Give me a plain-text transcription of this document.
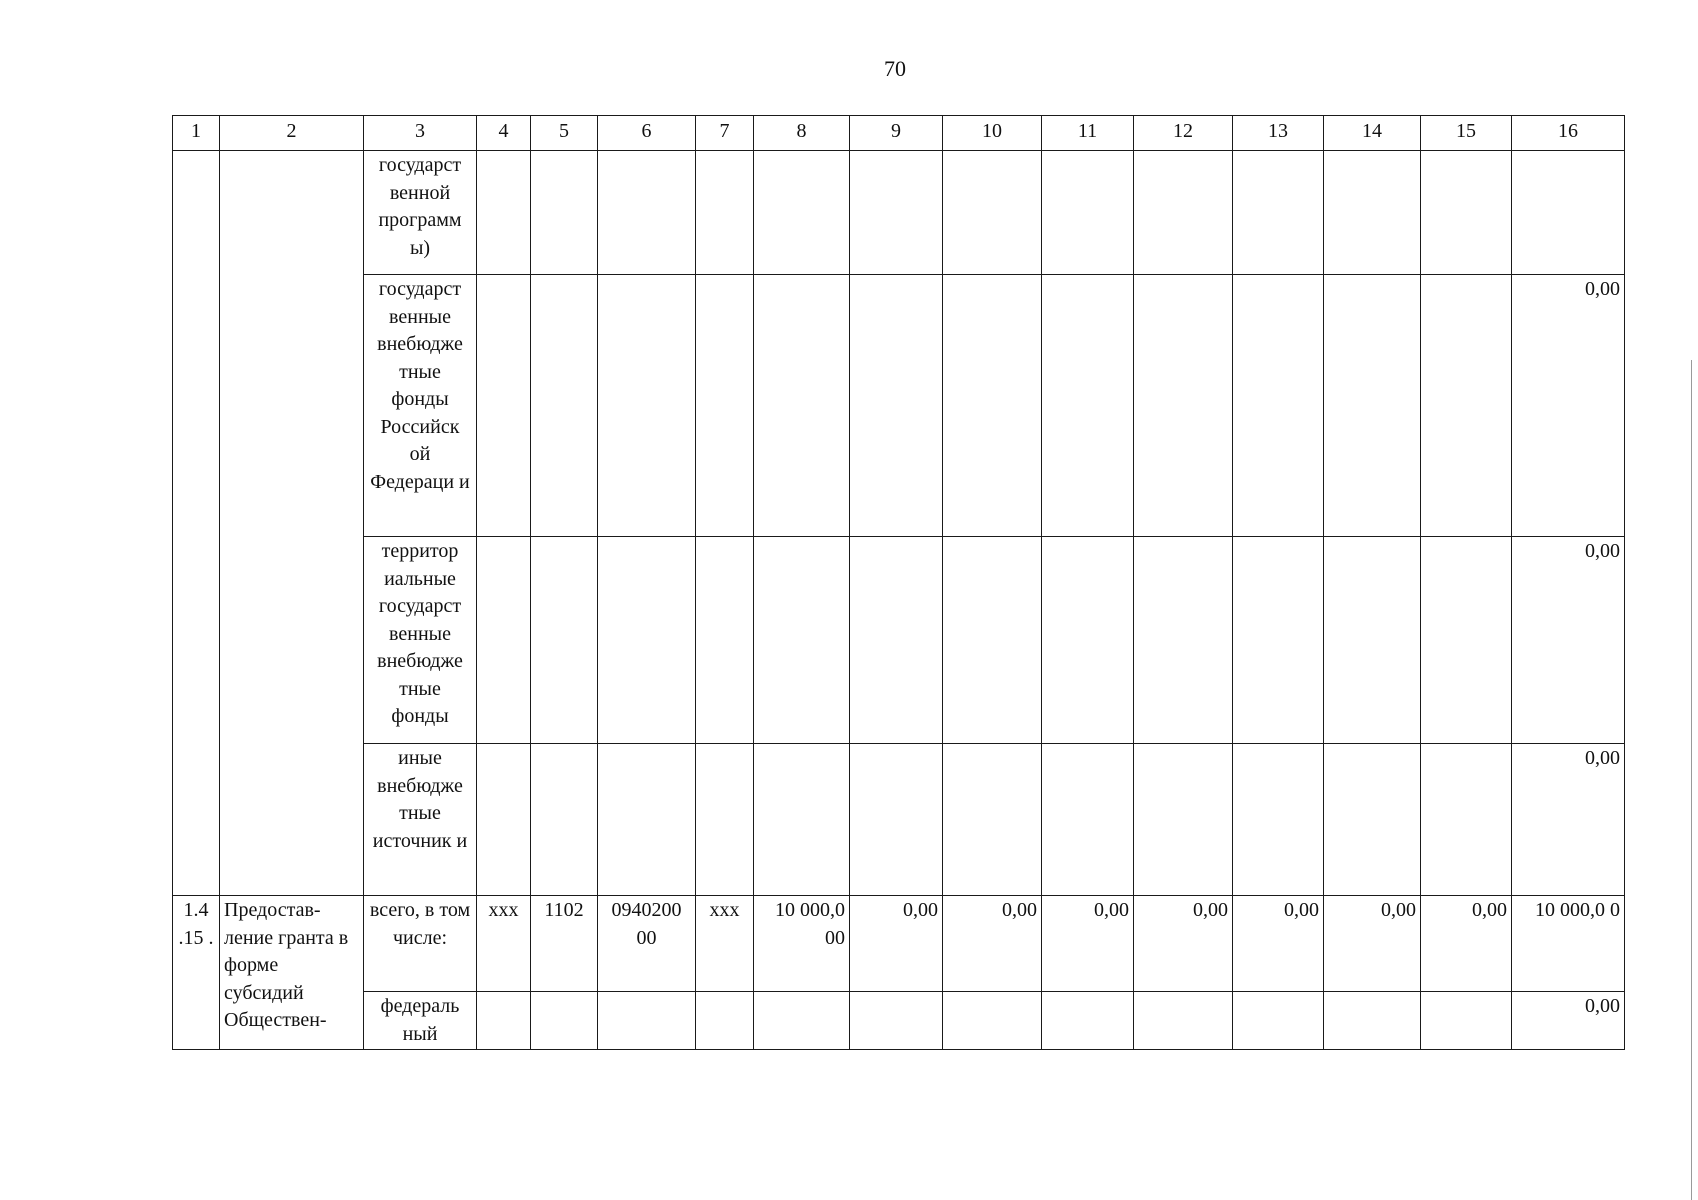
70
1	2	3	4	5	6	7	8	9	10	11	12	13	14	15	16
		государст венной программ ы)													
		государст венные внебюдже тные фонды Российск ой Федераци и													0,00
		территор иальные государст венные внебюдже тные фонды													0,00
		иные внебюдже тные источник и													0,00
1.4 .15 .	Предостав- ление гранта в форме субсидий Обществен-	всего, в том числе:	xxx	1102	0940200 00	xxx	10 000,0 00	0,00	0,00	0,00	0,00	0,00	0,00	0,00	10 000,0 0
		федераль ный													0,00
